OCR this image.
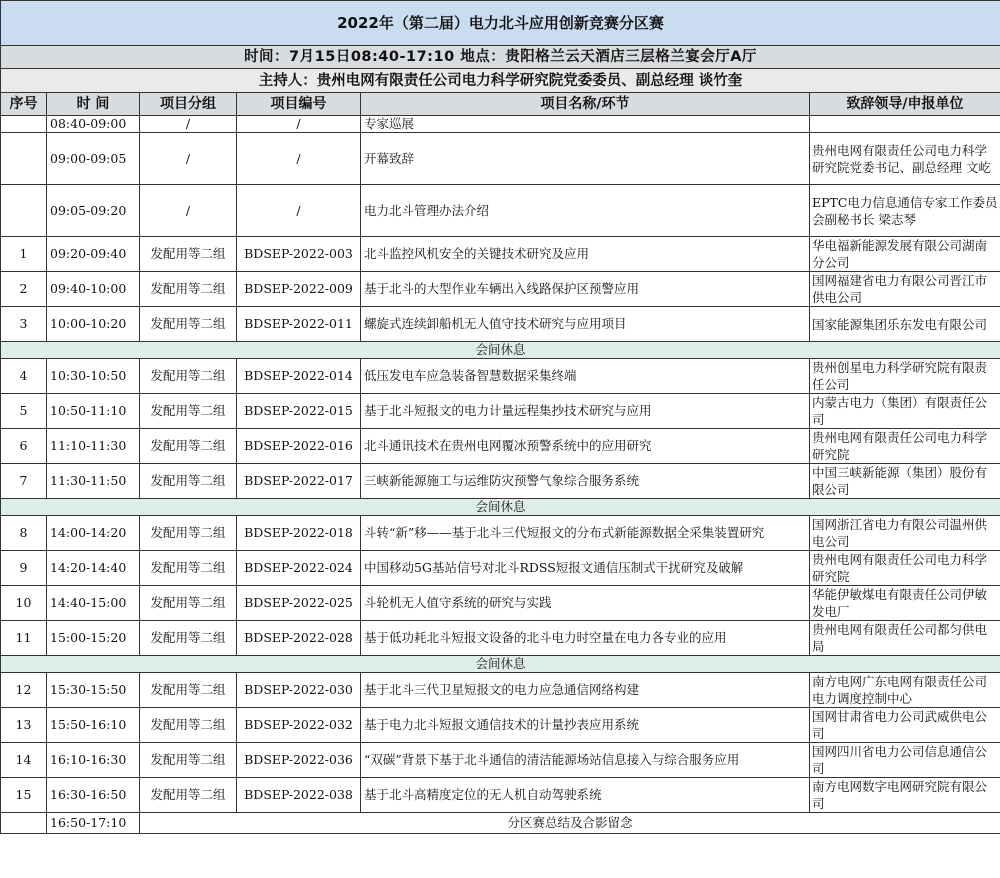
2022年（第二届）电力北斗应用创新竞赛分区赛					
时间：7月15日08:40-17:10 地点：贵阳格兰云天酒店三层格兰宴会厅A厅					
主持人：贵州电网有限责任公司电力科学研究院党委委员、副总经理 谈竹奎					
序号	时 间	项目分组	项目编号	项目名称/环节	致辞领导/申报单位
	08:40-09:00	/	/	专家巡展	
	09:00-09:05	/	/	开幕致辞	贵州电网有限责任公司电力科学研究院党委书记、副总经理 文屹
	09:05-09:20	/	/	电力北斗管理办法介绍	EPTC电力信息通信专家工作委员会副秘书长 梁志琴
1	09:20-09:40	发配用等二组	BDSEP-2022-003	北斗监控风机安全的关键技术研究及应用	华电福新能源发展有限公司湖南分公司
2	09:40-10:00	发配用等二组	BDSEP-2022-009	基于北斗的大型作业车辆出入线路保护区预警应用	国网福建省电力有限公司晋江市供电公司
3	10:00-10:20	发配用等二组	BDSEP-2022-011	螺旋式连续卸船机无人值守技术研究与应用项目	国家能源集团乐东发电有限公司
会间休息					
4	10:30-10:50	发配用等二组	BDSEP-2022-014	低压发电车应急装备智慧数据采集终端	贵州创星电力科学研究院有限责任公司
5	10:50-11:10	发配用等二组	BDSEP-2022-015	基于北斗短报文的电力计量远程集抄技术研究与应用	内蒙古电力（集团）有限责任公司
6	11:10-11:30	发配用等二组	BDSEP-2022-016	北斗通讯技术在贵州电网覆冰预警系统中的应用研究	贵州电网有限责任公司电力科学研究院
7	11:30-11:50	发配用等二组	BDSEP-2022-017	三峡新能源施工与运维防灾预警气象综合服务系统	中国三峡新能源（集团）股份有限公司
会间休息					
8	14:00-14:20	发配用等二组	BDSEP-2022-018	斗转“新”移——基于北斗三代短报文的分布式新能源数据全采集装置研究	国网浙江省电力有限公司温州供电公司
9	14:20-14:40	发配用等二组	BDSEP-2022-024	中国移动5G基站信号对北斗RDSS短报文通信压制式干扰研究及破解	贵州电网有限责任公司电力科学研究院
10	14:40-15:00	发配用等二组	BDSEP-2022-025	斗轮机无人值守系统的研究与实践	华能伊敏煤电有限责任公司伊敏发电厂
11	15:00-15:20	发配用等二组	BDSEP-2022-028	基于低功耗北斗短报文设备的北斗电力时空量在电力各专业的应用	贵州电网有限责任公司都匀供电局
会间休息					
12	15:30-15:50	发配用等二组	BDSEP-2022-030	基于北斗三代卫星短报文的电力应急通信网络构建	南方电网广东电网有限责任公司电力调度控制中心
13	15:50-16:10	发配用等二组	BDSEP-2022-032	基于电力北斗短报文通信技术的计量抄表应用系统	国网甘肃省电力公司武威供电公司
14	16:10-16:30	发配用等二组	BDSEP-2022-036	“双碳”背景下基于北斗通信的清洁能源场站信息接入与综合服务应用	国网四川省电力公司信息通信公司
15	16:30-16:50	发配用等二组	BDSEP-2022-038	基于北斗高精度定位的无人机自动驾驶系统	南方电网数字电网研究院有限公司
	16:50-17:10	分区赛总结及合影留念			
